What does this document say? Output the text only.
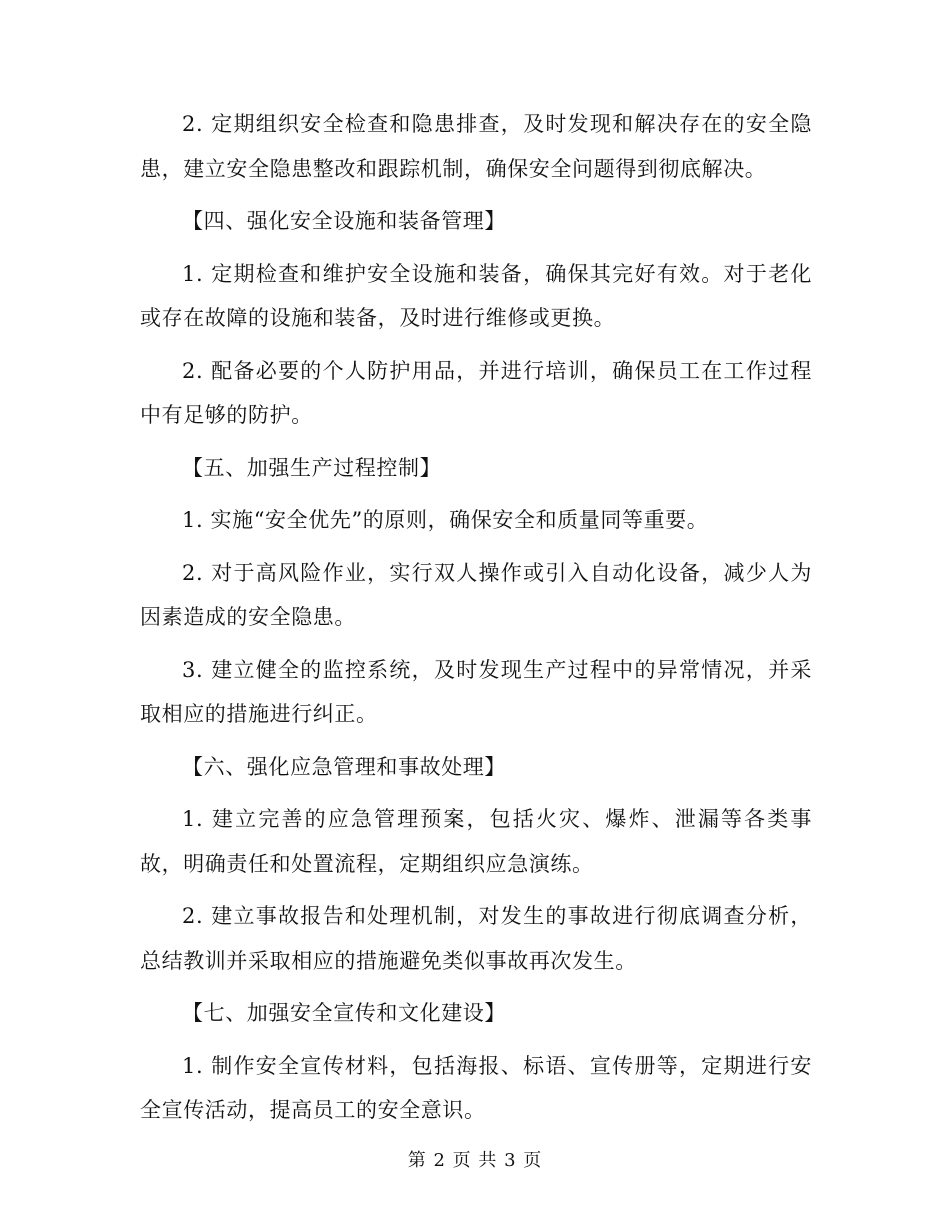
2. 定期组织安全检查和隐患排查，及时发现和解决存在的安全隐患，建立安全隐患整改和跟踪机制，确保安全问题得到彻底解决。

【四、强化安全设施和装备管理】

1. 定期检查和维护安全设施和装备，确保其完好有效。对于老化或存在故障的设施和装备，及时进行维修或更换。

2. 配备必要的个人防护用品，并进行培训，确保员工在工作过程中有足够的防护。

【五、加强生产过程控制】

1. 实施“安全优先”的原则，确保安全和质量同等重要。

2. 对于高风险作业，实行双人操作或引入自动化设备，减少人为因素造成的安全隐患。

3. 建立健全的监控系统，及时发现生产过程中的异常情况，并采取相应的措施进行纠正。

【六、强化应急管理和事故处理】

1. 建立完善的应急管理预案，包括火灾、爆炸、泄漏等各类事故，明确责任和处置流程，定期组织应急演练。

2. 建立事故报告和处理机制，对发生的事故进行彻底调查分析，总结教训并采取相应的措施避免类似事故再次发生。

【七、加强安全宣传和文化建设】

1. 制作安全宣传材料，包括海报、标语、宣传册等，定期进行安全宣传活动，提高员工的安全意识。

第 2 页 共 3 页
